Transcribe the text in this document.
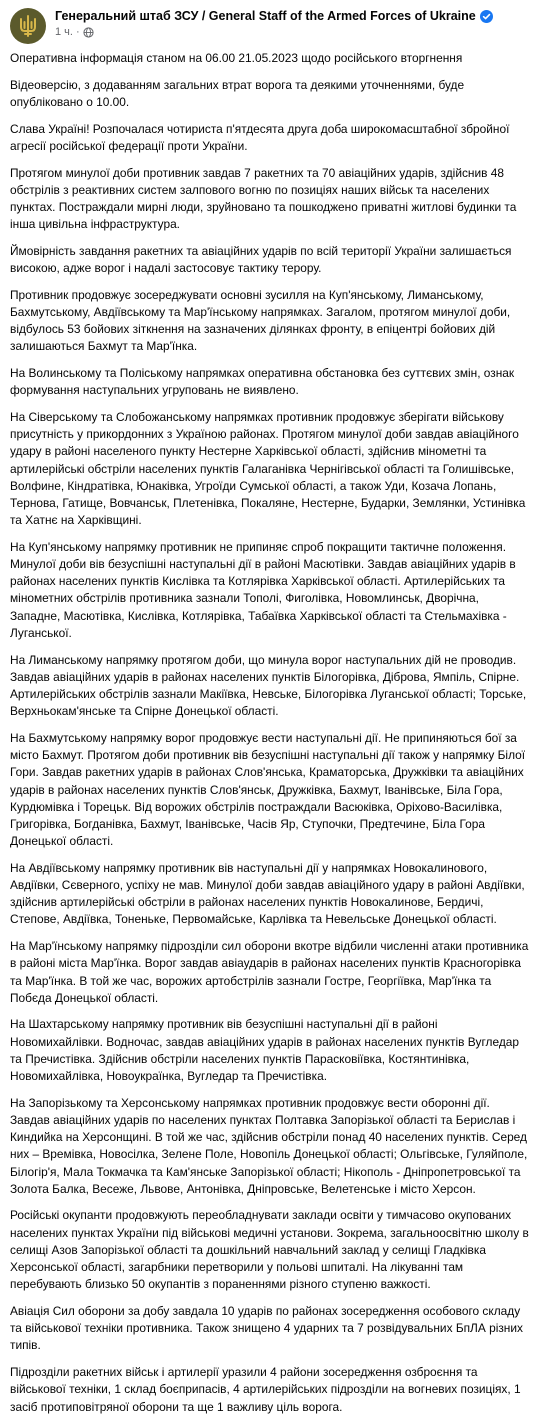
Генеральний штаб ЗСУ / General Staff of the Armed Forces of Ukraine
1 ч. ·

Оперативна інформація станом на 06.00 21.05.2023 щодо російського вторгнення

Відеоверсію, з додаванням загальних втрат ворога та деякими уточненнями, буде опубліковано о 10.00.

Слава Україні! Розпочалася чотириста п'ятдесята друга доба широкомасштабної збройної агресії російської федерації проти України.

Протягом минулої доби противник завдав 7 ракетних та 70 авіаційних ударів, здійснив 48 обстрілів з реактивних систем залпового вогню по позиціях наших військ та населених пунктах. Постраждали мирні люди, зруйновано та пошкоджено приватні житлові будинки та інша цивільна інфраструктура.

Ймовірність завдання ракетних та авіаційних ударів по всій території України залишається високою, адже ворог і надалі застосовує тактику терору.

Противник продовжує зосереджувати основні зусилля на Куп'янському, Лиманському, Бахмутському, Авдіївському та Мар'їнському напрямках. Загалом, протягом минулої доби, відбулось 53 бойових зіткнення на зазначених ділянках фронту, в епіцентрі бойових дій залишаються Бахмут та Мар'їнка.

На Волинському та Поліському напрямках оперативна обстановка без суттєвих змін, ознак формування наступальних угруповань не виявлено.

На Сіверському та Слобожанському напрямках противник продовжує зберігати військову присутність у прикордонних з Україною районах. Протягом минулої доби завдав авіаційного удару в районі населеного пункту Нестерне Харківської області, здійснив мінометні та артилерійські обстріли населених пунктів Галаганівка Чернігівської області та Голишівське, Волфине, Кіндратівка, Юнаківка, Угроїди Сумської області, а також Уди, Козача Лопань, Тернова, Гатище, Вовчанськ, Плетенівка, Покаляне, Нестерне, Бударки, Землянки, Устинівка та Хатнє на Харківщині.

На Куп'янському напрямку противник не припиняє спроб покращити тактичне положення. Минулої доби вів безуспішні наступальні дії в районі Масютівки. Завдав авіаційних ударів в районах населених пунктів Кислівка та Котлярівка Харківської області. Артилерійських та мінометних обстрілів противника зазнали Тополі, Фиголівка, Новомлинськ, Дворічна, Западне, Масютівка, Кислівка, Котлярівка, Табаївка Харківської області та Стельмахівка - Луганської.

На Лиманському напрямку протягом доби, що минула ворог наступальних дій не проводив. Завдав авіаційних ударів в районах населених пунктів Білогорівка, Діброва, Ямпіль, Спірне. Артилерійських обстрілів зазнали Макіївка, Невське, Білогорівка Луганської області; Торське, Верхньокам'янське та Спірне Донецької області.

На Бахмутському напрямку ворог продовжує вести наступальні дії. Не припиняються бої за місто Бахмут. Протягом доби противник вів безуспішні наступальні дії також у напрямку Білої Гори. Завдав ракетних ударів в районах Слов'янська, Краматорська, Дружківки та авіаційних ударів в районах населених пунктів Слов'янськ, Дружківка, Бахмут, Іванівське, Біла Гора, Курдюмівка і Торецьк. Від ворожих обстрілів постраждали Васюківка, Оріхово-Василівка, Григорівка, Богданівка, Бахмут, Іванівське, Часів Яр, Ступочки, Предтечине, Біла Гора Донецької області.

На Авдіївському напрямку противник вів наступальні дії у напрямках Новокалинового, Авдіївки, Сєверного, успіху не мав. Минулої доби завдав авіаційного удару в районі Авдіївки, здійснив артилерійські обстріли в районах населених пунктів Новокалинове, Бердичі, Степове, Авдіївка, Тоненьке, Первомайське, Карлівка та Невельське Донецької області.

На Мар'їнському напрямку підрозділи сил оборони вкотре відбили численні атаки противника в районі міста Мар'їнка. Ворог завдав авіаударів в районах населених пунктів Красногорівка та Мар'їнка. В той же час, ворожих артобстрілів зазнали Гостре, Георгіївка, Мар'їнка та Побєда Донецької області.

На Шахтарському напрямку противник вів безуспішні наступальні дії в районі Новомихайлівки. Водночас, завдав авіаційних ударів в районах населених пунктів Вугледар та Пречистівка. Здійснив обстріли населених пунктів Парасковіївка, Костянтинівка, Новомихайлівка, Новоукраїнка, Вугледар та Пречистівка.

На Запорізькому та Херсонському напрямках противник продовжує вести оборонні дії. Завдав авіаційних ударів по населених пунктах Полтавка Запорізької області та Берислав і Киндийка на Херсонщині. В той же час, здійснив обстріли понад 40 населених пунктів. Серед них – Времівка, Новосілка, Зелене Поле, Новопіль Донецької області; Ольгівське, Гуляйполе, Білогір'я, Мала Токмачка та Кам'янське Запорізької області; Нікополь - Дніпропетровської та Золота Балка, Весеже, Львове, Антонівка, Дніпровське, Велетенське і місто Херсон.

Російські окупанти продовжують переобладнувати заклади освіти у тимчасово окупованих населених пунктах України під військові медичні установи. Зокрема, загальноосвітню школу в селищі Азов Запорізької області та дошкільний навчальний заклад у селищі Гладківка Херсонської області, загарбники перетворили у польові шпиталі. На лікуванні там перебувають близько 50 окупантів з пораненнями різного ступеню важкості.

Авіація Сил оборони за добу завдала 10 ударів по районах зосередження особового складу та військової техніки противника. Також знищено 4 ударних та 7 розвідувальних БпЛА різних типів.

Підрозділи ракетних військ і артилерії уразили 4 райони зосередження озброєння та військової техніки, 1 склад боєприпасів, 4 артилерійських підрозділи на вогневих позиціях, 1 засіб протиповітряної оборони та ще 1 важливу ціль ворога.
